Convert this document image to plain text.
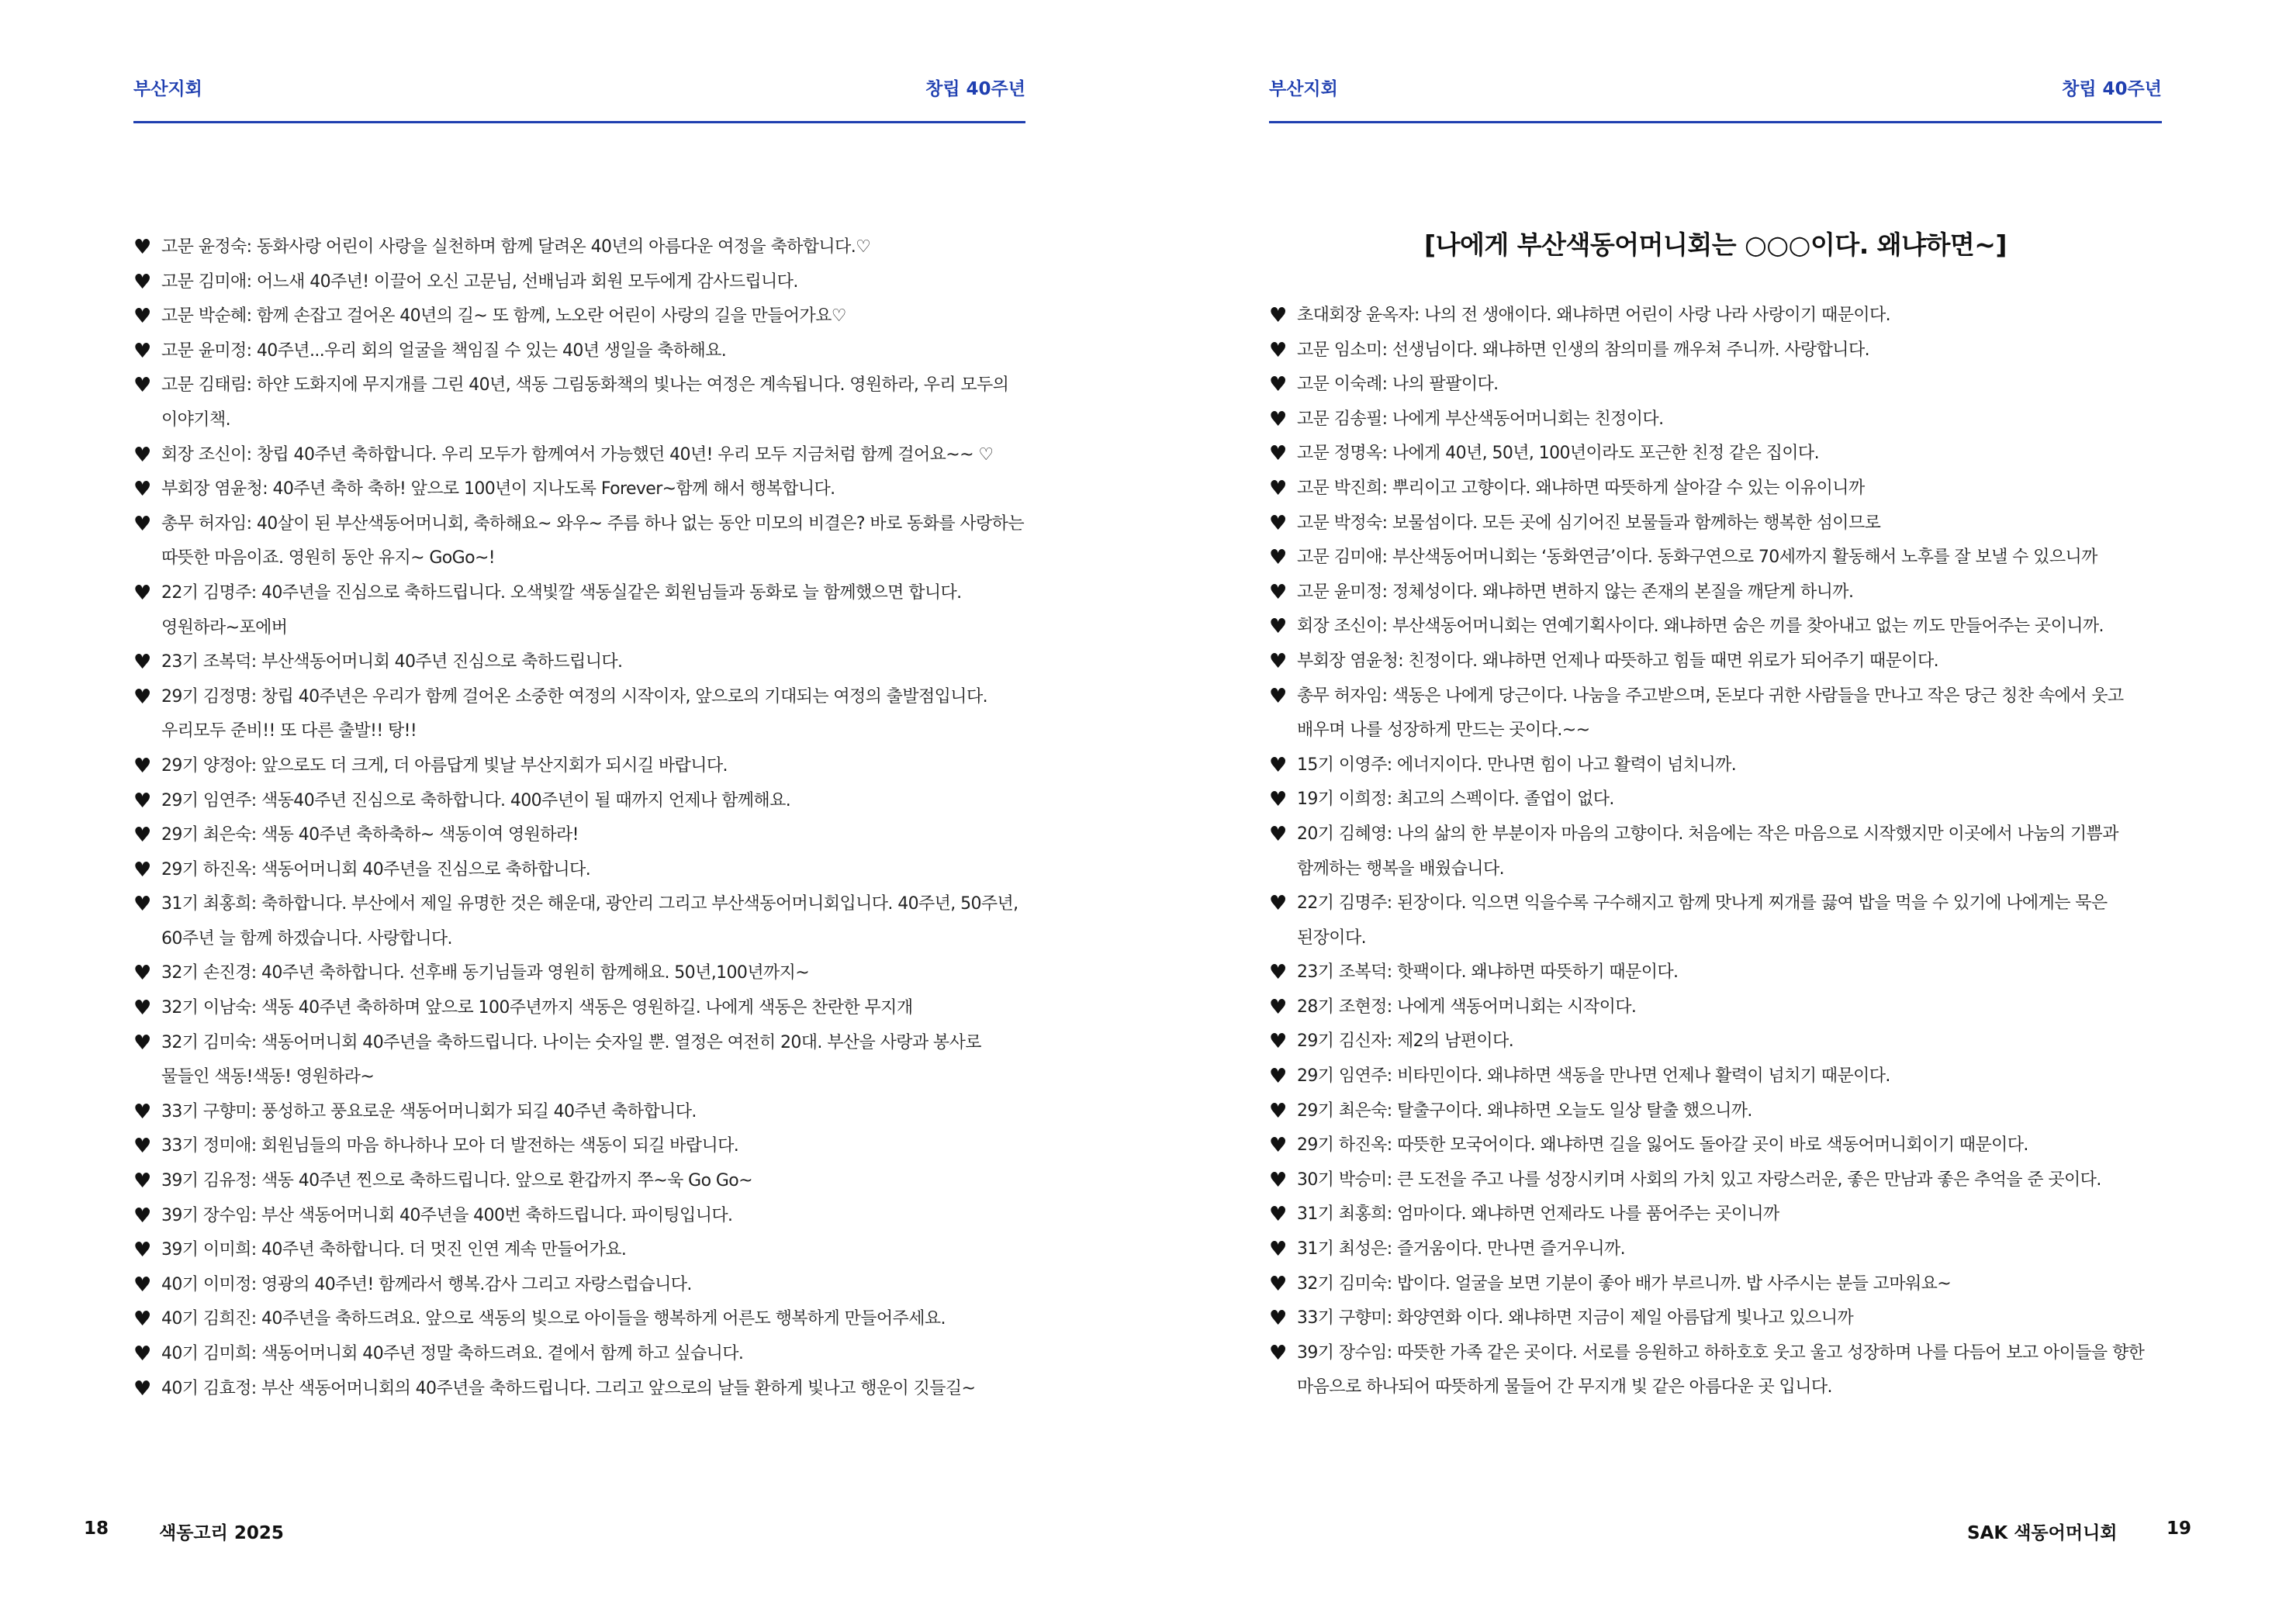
부산지회	창립 40주년
♥ 고문 윤정숙: 동화사랑 어린이 사랑을 실천하며 함께 달려온 40년의 아름다운 여정을 축하합니다.♡
♥ 고문 김미애: 어느새 40주년! 이끌어 오신 고문님, 선배님과 회원 모두에게 감사드립니다.
♥ 고문 박순혜: 함께 손잡고 걸어온 40년의 길~ 또 함께, 노오란 어린이 사랑의 길을 만들어가요♡
♥ 고문 윤미정: 40주년...우리 회의 얼굴을 책임질 수 있는 40년 생일을 축하해요.
♥ 고문 김태림: 하얀 도화지에 무지개를 그린 40년, 색동 그림동화책의 빛나는 여정은 계속됩니다. 영원하라, 우리 모두의 이야기책.
♥ 회장 조신이: 창립 40주년 축하합니다. 우리 모두가 함께여서 가능했던 40년! 우리 모두 지금처럼 함께 걸어요~~ ♡
♥ 부회장 염윤청: 40주년 축하 축하! 앞으로 100년이 지나도록 Forever~함께 해서 행복합니다.
♥ 총무 허자임: 40살이 된 부산색동어머니회, 축하해요~ 와우~ 주름 하나 없는 동안 미모의 비결은? 바로 동화를 사랑하는 따뜻한 마음이죠. 영원히 동안 유지~ GoGo~!
♥ 22기 김명주: 40주년을 진심으로 축하드립니다. 오색빛깔 색동실같은 회원님들과 동화로 늘 함께했으면 합니다. 영원하라~포에버
♥ 23기 조복덕: 부산색동어머니회 40주년 진심으로 축하드립니다.
♥ 29기 김정명: 창립 40주년은 우리가 함께 걸어온 소중한 여정의 시작이자, 앞으로의 기대되는 여정의 출발점입니다. 우리모두 준비!! 또 다른 출발!! 탕!!
♥ 29기 양정아: 앞으로도 더 크게, 더 아름답게 빛날 부산지회가 되시길 바랍니다.
♥ 29기 임연주: 색동40주년 진심으로 축하합니다. 400주년이 될 때까지 언제나 함께해요.
♥ 29기 최은숙: 색동 40주년 축하축하~ 색동이여 영원하라!
♥ 29기 하진옥: 색동어머니회 40주년을 진심으로 축하합니다.
♥ 31기 최홍희: 축하합니다. 부산에서 제일 유명한 것은 해운대, 광안리 그리고 부산색동어머니회입니다. 40주년, 50주년, 60주년 늘 함께 하겠습니다. 사랑합니다.
♥ 32기 손진경: 40주년 축하합니다. 선후배 동기님들과 영원히 함께해요. 50년,100년까지~
♥ 32기 이남숙: 색동 40주년 축하하며 앞으로 100주년까지 색동은 영원하길. 나에게 색동은 찬란한 무지개
♥ 32기 김미숙: 색동어머니회 40주년을 축하드립니다. 나이는 숫자일 뿐. 열정은 여전히 20대. 부산을 사랑과 봉사로 물들인 색동!색동! 영원하라~
♥ 33기 구향미: 풍성하고 풍요로운 색동어머니회가 되길 40주년 축하합니다.
♥ 33기 정미애: 회원님들의 마음 하나하나 모아 더 발전하는 색동이 되길 바랍니다.
♥ 39기 김유정: 색동 40주년 찐으로 축하드립니다. 앞으로 환갑까지 쭈~욱 Go Go~
♥ 39기 장수임: 부산 색동어머니회 40주년을 400번 축하드립니다. 파이팅입니다.
♥ 39기 이미희: 40주년 축하합니다. 더 멋진 인연 계속 만들어가요.
♥ 40기 이미정: 영광의 40주년! 함께라서 행복.감사 그리고 자랑스럽습니다.
♥ 40기 김희진: 40주년을 축하드려요. 앞으로 색동의 빛으로 아이들을 행복하게 어른도 행복하게 만들어주세요.
♥ 40기 김미희: 색동어머니회 40주년 정말 축하드려요. 곁에서 함께 하고 싶습니다.
♥ 40기 김효정: 부산 색동어머니회의 40주년을 축하드립니다. 그리고 앞으로의 날들 환하게 빛나고 행운이 깃들길~
18	색동고리 2025
부산지회	창립 40주년
[나에게 부산색동어머니회는 ○○○이다. 왜냐하면~]
♥ 초대회장 윤옥자: 나의 전 생애이다. 왜냐하면 어린이 사랑 나라 사랑이기 때문이다.
♥ 고문 임소미: 선생님이다. 왜냐하면 인생의 참의미를 깨우쳐 주니까. 사랑합니다.
♥ 고문 이숙례: 나의 팔팔이다.
♥ 고문 김송필: 나에게 부산색동어머니회는 친정이다.
♥ 고문 정명옥: 나에게 40년, 50년, 100년이라도 포근한 친정 같은 집이다.
♥ 고문 박진희: 뿌리이고 고향이다. 왜냐하면 따뜻하게 살아갈 수 있는 이유이니까
♥ 고문 박정숙: 보물섬이다. 모든 곳에 심기어진 보물들과 함께하는 행복한 섬이므로
♥ 고문 김미애: 부산색동어머니회는 ‘동화연금’이다. 동화구연으로 70세까지 활동해서 노후를 잘 보낼 수 있으니까
♥ 고문 윤미정: 정체성이다. 왜냐하면 변하지 않는 존재의 본질을 깨닫게 하니까.
♥ 회장 조신이: 부산색동어머니회는 연예기획사이다. 왜냐하면 숨은 끼를 찾아내고 없는 끼도 만들어주는 곳이니까.
♥ 부회장 염윤청: 친정이다. 왜냐하면 언제나 따뜻하고 힘들 때면 위로가 되어주기 때문이다.
♥ 총무 허자임: 색동은 나에게 당근이다. 나눔을 주고받으며, 돈보다 귀한 사람들을 만나고 작은 당근 칭찬 속에서 웃고 배우며 나를 성장하게 만드는 곳이다.~~
♥ 15기 이영주: 에너지이다. 만나면 힘이 나고 활력이 넘치니까.
♥ 19기 이희정: 최고의 스펙이다. 졸업이 없다.
♥ 20기 김혜영: 나의 삶의 한 부분이자 마음의 고향이다. 처음에는 작은 마음으로 시작했지만 이곳에서 나눔의 기쁨과 함께하는 행복을 배웠습니다.
♥ 22기 김명주: 된장이다. 익으면 익을수록 구수해지고 함께 맛나게 찌개를 끓여 밥을 먹을 수 있기에 나에게는 묵은 된장이다.
♥ 23기 조복덕: 핫팩이다. 왜냐하면 따뜻하기 때문이다.
♥ 28기 조현정: 나에게 색동어머니회는 시작이다.
♥ 29기 김신자: 제2의 남편이다.
♥ 29기 임연주: 비타민이다. 왜냐하면 색동을 만나면 언제나 활력이 넘치기 때문이다.
♥ 29기 최은숙: 탈출구이다. 왜냐하면 오늘도 일상 탈출 했으니까.
♥ 29기 하진옥: 따뜻한 모국어이다. 왜냐하면 길을 잃어도 돌아갈 곳이 바로 색동어머니회이기 때문이다.
♥ 30기 박승미: 큰 도전을 주고 나를 성장시키며 사회의 가치 있고 자랑스러운, 좋은 만남과 좋은 추억을 준 곳이다.
♥ 31기 최홍희: 엄마이다. 왜냐하면 언제라도 나를 품어주는 곳이니까
♥ 31기 최성은: 즐거움이다. 만나면 즐거우니까.
♥ 32기 김미숙: 밥이다. 얼굴을 보면 기분이 좋아 배가 부르니까. 밥 사주시는 분들 고마워요~
♥ 33기 구향미: 화양연화 이다. 왜냐하면 지금이 제일 아름답게 빛나고 있으니까
♥ 39기 장수임: 따뜻한 가족 같은 곳이다. 서로를 응원하고 하하호호 웃고 울고 성장하며 나를 다듬어 보고 아이들을 향한 마음으로 하나되어 따뜻하게 물들어 간 무지개 빛 같은 아름다운 곳 입니다.
SAK 색동어머니회	19
